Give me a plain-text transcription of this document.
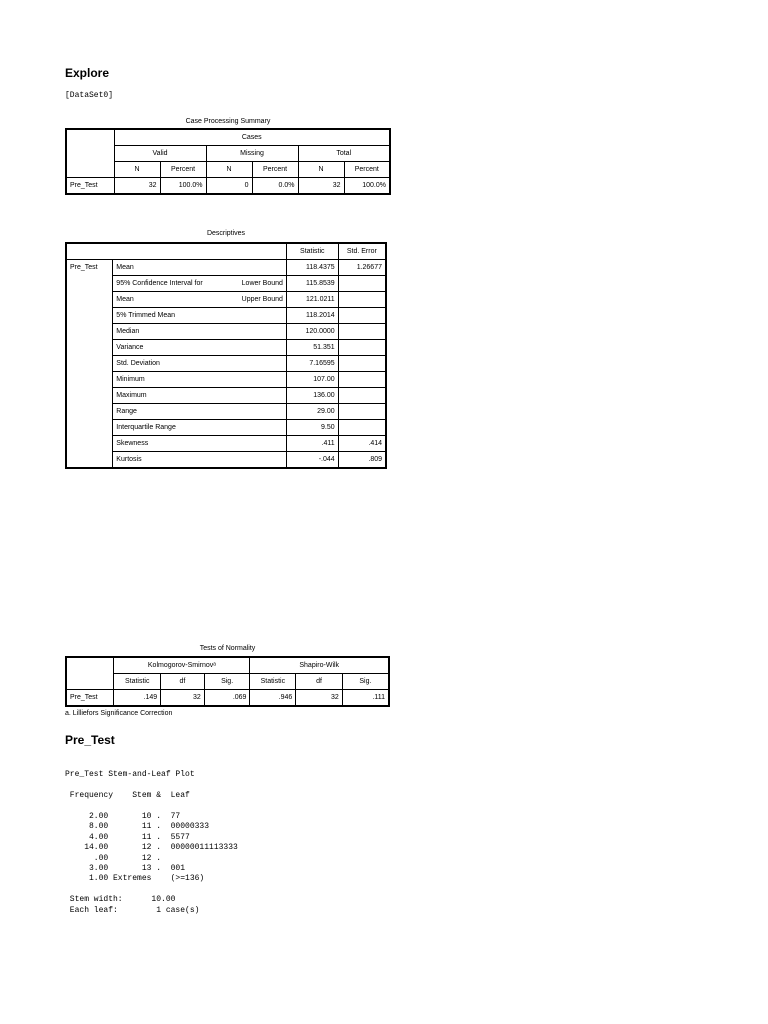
Explore
[DataSet0]
Case Processing Summary
	Cases					
	Valid		Missing		Total	
	N	Percent	N	Percent	N	Percent
Pre_Test	32	100.0%	0	0.0%	32	100.0%
Descriptives
		Statistic	Std. Error
Pre_Test	Mean	118.4375	1.26677
	95% Confidence Interval for Lower Bound	115.8539	
	Mean Upper Bound	121.0211	
	5% Trimmed Mean	118.2014	
	Median	120.0000	
	Variance	51.351	
	Std. Deviation	7.16595	
	Minimum	107.00	
	Maximum	136.00	
	Range	29.00	
	Interquartile Range	9.50	
	Skewness	.411	.414
	Kurtosis	-.044	.809
Tests of Normality
	Kolmogorov-Smirnovᵃ			Shapiro-Wilk		
	Statistic	df	Sig.	Statistic	df	Sig.
Pre_Test	.149	32	.069	.946	32	.111
a. Lilliefors Significance Correction
Pre_Test
Pre_Test Stem-and-Leaf Plot
Frequency    Stem &  Leaf
2.00       10 .  77
8.00       11 .  00000333
4.00       11 .  5577
14.00       12 .  00000011113333
.00       12 .
3.00       13 .  001
1.00 Extremes    (>=136)
Stem width:      10.00
Each leaf:        1 case(s)
